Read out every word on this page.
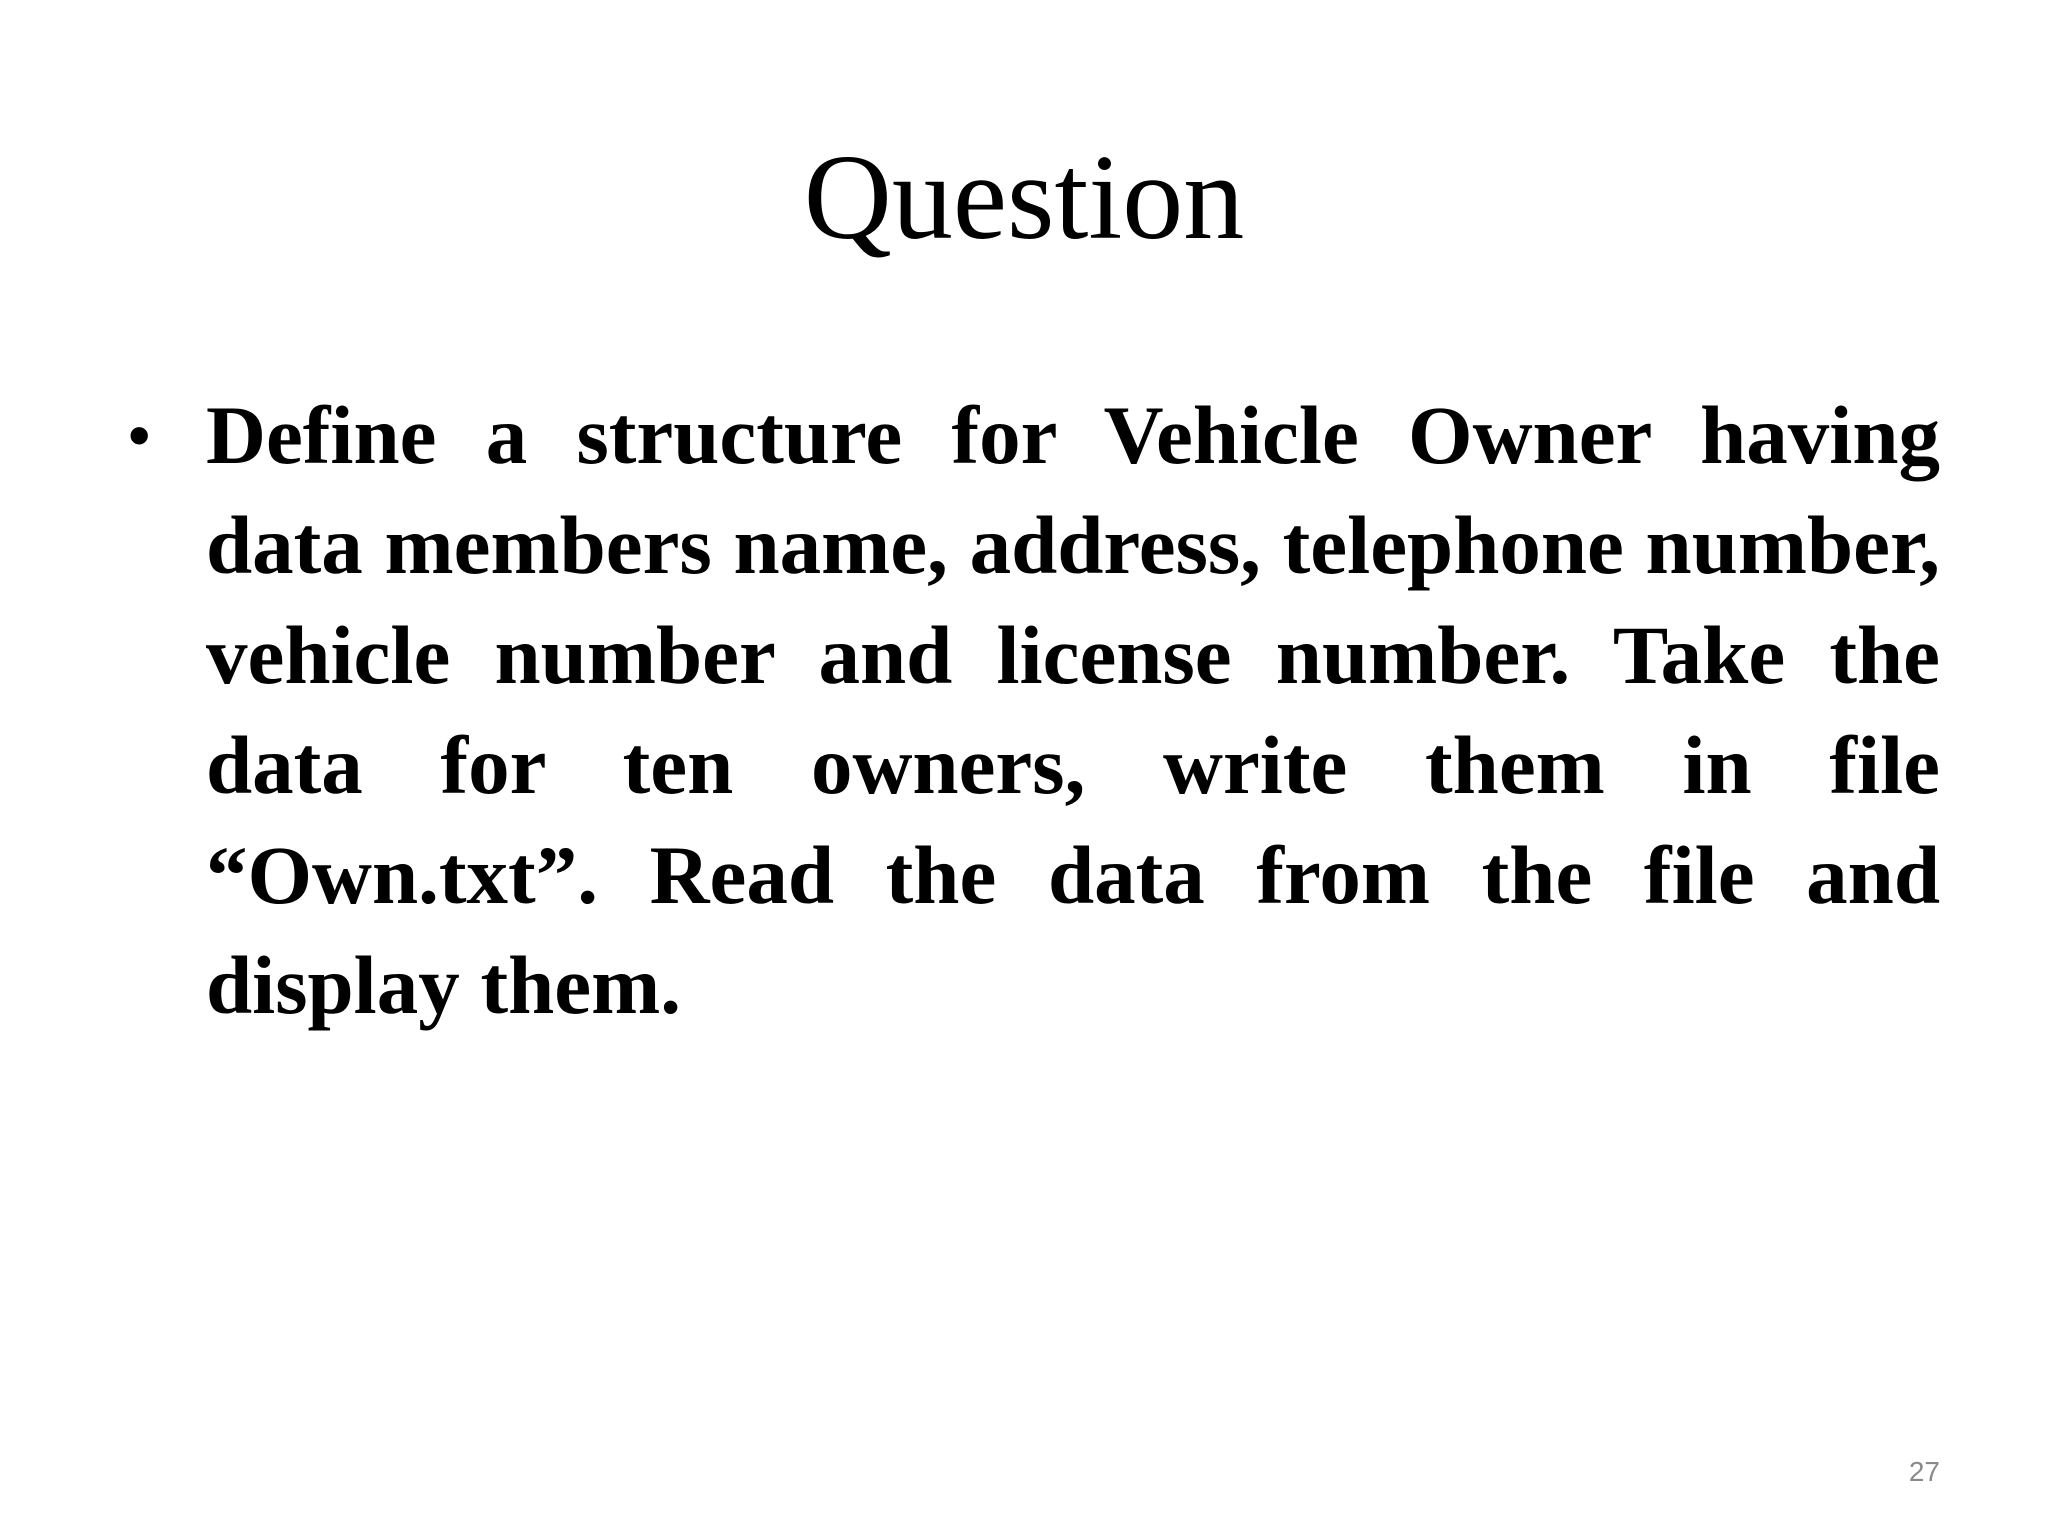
Question
• Define a structure for Vehicle Owner having data members name, address, telephone number, vehicle number and license number. Take the data for ten owners, write them in file “Own.txt”. Read the data from the file and display them.
27
